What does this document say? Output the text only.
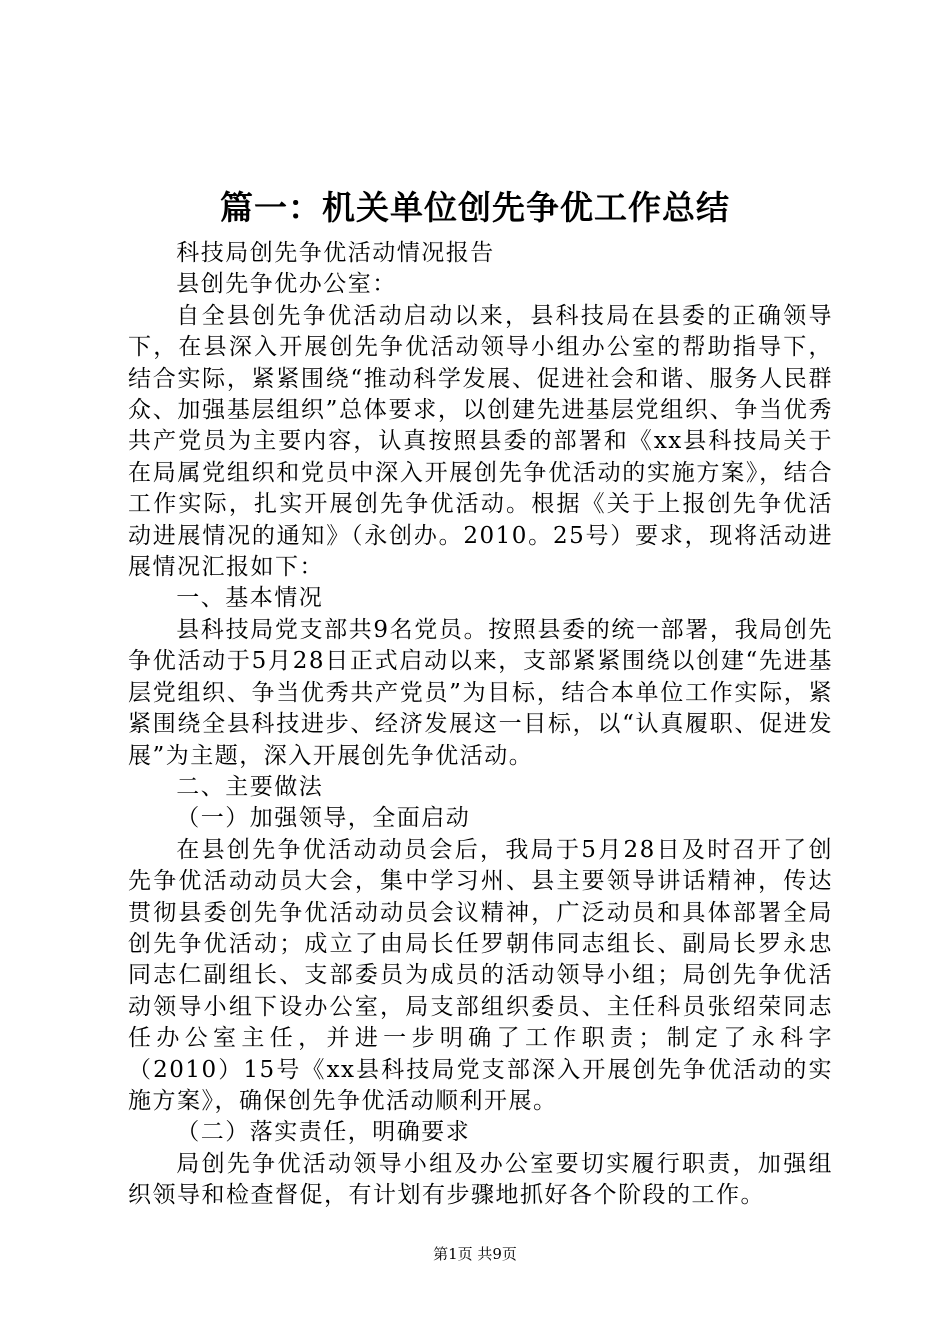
篇一：机关单位创先争优工作总结

科技局创先争优活动情况报告

县创先争优办公室：

自全县创先争优活动启动以来，县科技局在县委的正确领导下，在县深入开展创先争优活动领导小组办公室的帮助指导下，结合实际，紧紧围绕“推动科学发展、促进社会和谐、服务人民群众、加强基层组织”总体要求，以创建先进基层党组织、争当优秀共产党员为主要内容，认真按照县委的部署和《xx县科技局关于在局属党组织和党员中深入开展创先争优活动的实施方案》，结合工作实际，扎实开展创先争优活动。根据《关于上报创先争优活动进展情况的通知》（永创办。2010。25号）要求，现将活动进展情况汇报如下：

一、基本情况

县科技局党支部共9名党员。按照县委的统一部署，我局创先争优活动于5月28日正式启动以来，支部紧紧围绕以创建“先进基层党组织、争当优秀共产党员”为目标，结合本单位工作实际，紧紧围绕全县科技进步、经济发展这一目标，以“认真履职、促进发展”为主题，深入开展创先争优活动。

二、主要做法

（一）加强领导，全面启动

在县创先争优活动动员会后，我局于5月28日及时召开了创先争优活动动员大会，集中学习州、县主要领导讲话精神，传达贯彻县委创先争优活动动员会议精神，广泛动员和具体部署全局创先争优活动；成立了由局长任罗朝伟同志组长、副局长罗永忠同志仁副组长、支部委员为成员的活动领导小组；局创先争优活动领导小组下设办公室，局支部组织委员、主任科员张绍荣同志任办公室主任，并进一步明确了工作职责；制定了永科字（2010）15号《xx县科技局党支部深入开展创先争优活动的实施方案》，确保创先争优活动顺利开展。

（二）落实责任，明确要求

局创先争优活动领导小组及办公室要切实履行职责，加强组织领导和检查督促，有计划有步骤地抓好各个阶段的工作。

第1页 共9页
